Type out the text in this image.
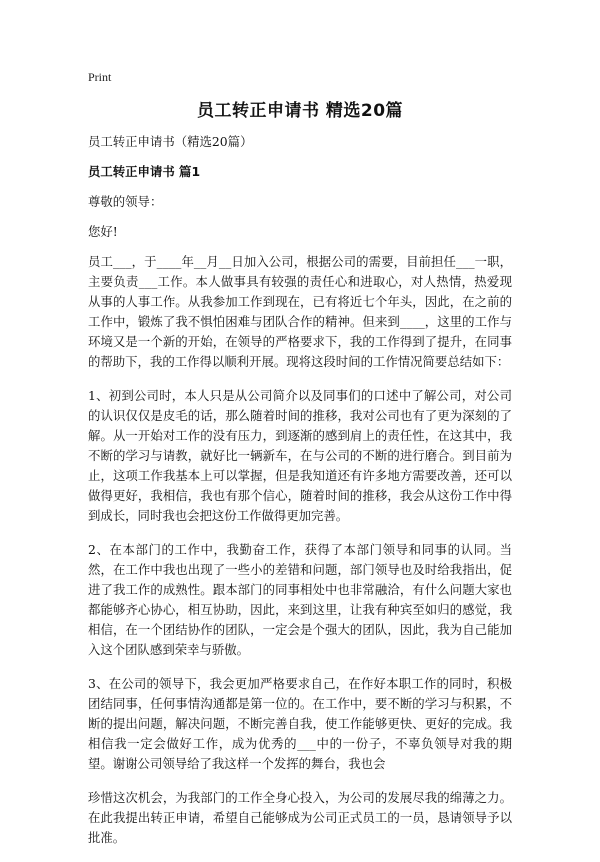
Print
员工转正申请书 精选20篇

员工转正申请书（精选20篇）

员工转正申请书 篇1

尊敬的领导：

您好!

员工___，于____年__月__日加入公司，根据公司的需要，目前担任___一职，主要负责___工作。本人做事具有较强的责任心和进取心，对人热情，热爱现从事的人事工作。从我参加工作到现在，已有将近七个年头，因此，在之前的工作中，锻炼了我不惧怕困难与团队合作的精神。但来到____，这里的工作与环境又是一个新的开始，在领导的严格要求下，我的工作得到了提升，在同事的帮助下，我的工作得以顺利开展。现将这段时间的工作情况简要总结如下：

1、初到公司时，本人只是从公司简介以及同事们的口述中了解公司，对公司的认识仅仅是皮毛的话，那么随着时间的推移，我对公司也有了更为深刻的了解。从一开始对工作的没有压力，到逐渐的感到肩上的责任性，在这其中，我不断的学习与请教，就好比一辆新车，在与公司的不断的进行磨合。到目前为止，这项工作我基本上可以掌握，但是我知道还有许多地方需要改善，还可以做得更好，我相信，我也有那个信心，随着时间的推移，我会从这份工作中得到成长，同时我也会把这份工作做得更加完善。

2、在本部门的工作中，我勤奋工作，获得了本部门领导和同事的认同。当然，在工作中我也出现了一些小的差错和问题，部门领导也及时给我指出，促进了我工作的成熟性。跟本部门的同事相处中也非常融洽，有什么问题大家也都能够齐心协心，相互协助，因此，来到这里，让我有种宾至如归的感觉，我相信，在一个团结协作的团队，一定会是个强大的团队，因此，我为自己能加入这个团队感到荣幸与骄傲。

3、在公司的领导下，我会更加严格要求自己，在作好本职工作的同时，积极团结同事，任何事情沟通都是第一位的。在工作中，要不断的学习与积累，不断的提出问题，解决问题，不断完善自我，使工作能够更快、更好的完成。我相信我一定会做好工作，成为优秀的___中的一份子，不辜负领导对我的期望。谢谢公司领导给了我这样一个发挥的舞台，我也会

珍惜这次机会，为我部门的工作全身心投入，为公司的发展尽我的绵薄之力。在此我提出转正申请，希望自己能够成为公司正式员工的一员，恳请领导予以批准。
